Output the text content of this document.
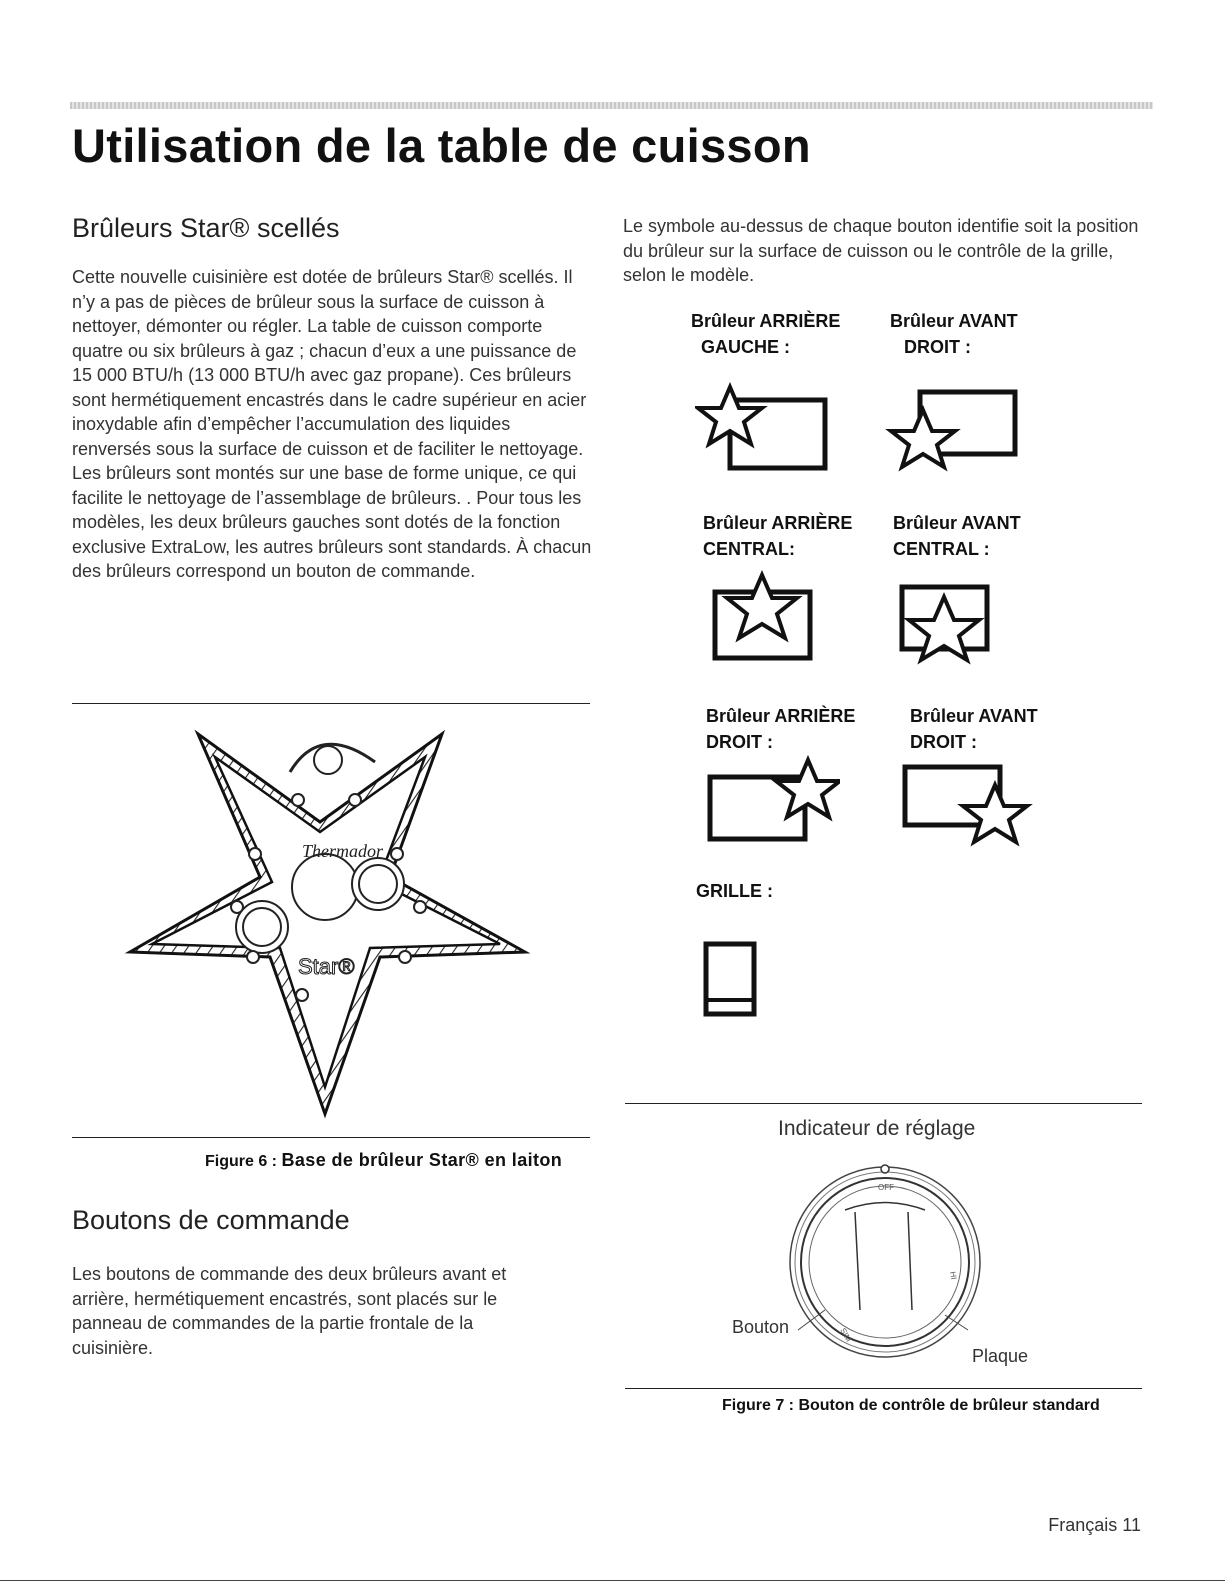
Utilisation de la table de cuisson
Brûleurs Star® scellés

Cette nouvelle cuisinière est dotée de brûleurs Star® scellés. Il n’y a pas de pièces de brûleur sous la surface de cuisson à nettoyer, démonter ou régler. La table de cuisson comporte quatre ou six brûleurs à gaz ; chacun d’eux a une puissance de 15 000 BTU/h (13 000 BTU/h avec gaz propane). Ces brûleurs sont hermétiquement encastrés dans le cadre supérieur en acier inoxydable afin d’empêcher l’accumulation des liquides renversés sous la surface de cuisson et de faciliter le nettoyage. Les brûleurs sont montés sur une base de forme unique, ce qui facilite le nettoyage de l’assemblage de brûleurs. . Pour tous les modèles, les deux brûleurs gauches sont dotés de la fonction exclusive ExtraLow, les autres brûleurs sont standards. À chacun des brûleurs correspond un bouton de commande.

Thermador
Star®

Figure 6 : Base de brûleur Star® en laiton

Boutons de commande

Les boutons de commande des deux brûleurs avant et arrière, hermétiquement encastrés, sont placés sur le panneau de commandes de la partie frontale de la cuisinière.

Le symbole au-dessus de chaque bouton identifie soit la position du brûleur sur la surface de cuisson ou le contrôle de la grille, selon le modèle.

Brûleur ARRIÈRE
GAUCHE :
Brûleur AVANT
DROIT :
Brûleur ARRIÈRE
CENTRAL:
Brûleur AVANT
CENTRAL :
Brûleur ARRIÈRE
DROIT :
Brûleur AVANT
DROIT :
GRILLE :

Indicateur de réglage

OFF
HI
SIM

Bouton

Plaque

Figure 7 : Bouton de contrôle de brûleur standard

Français 11
